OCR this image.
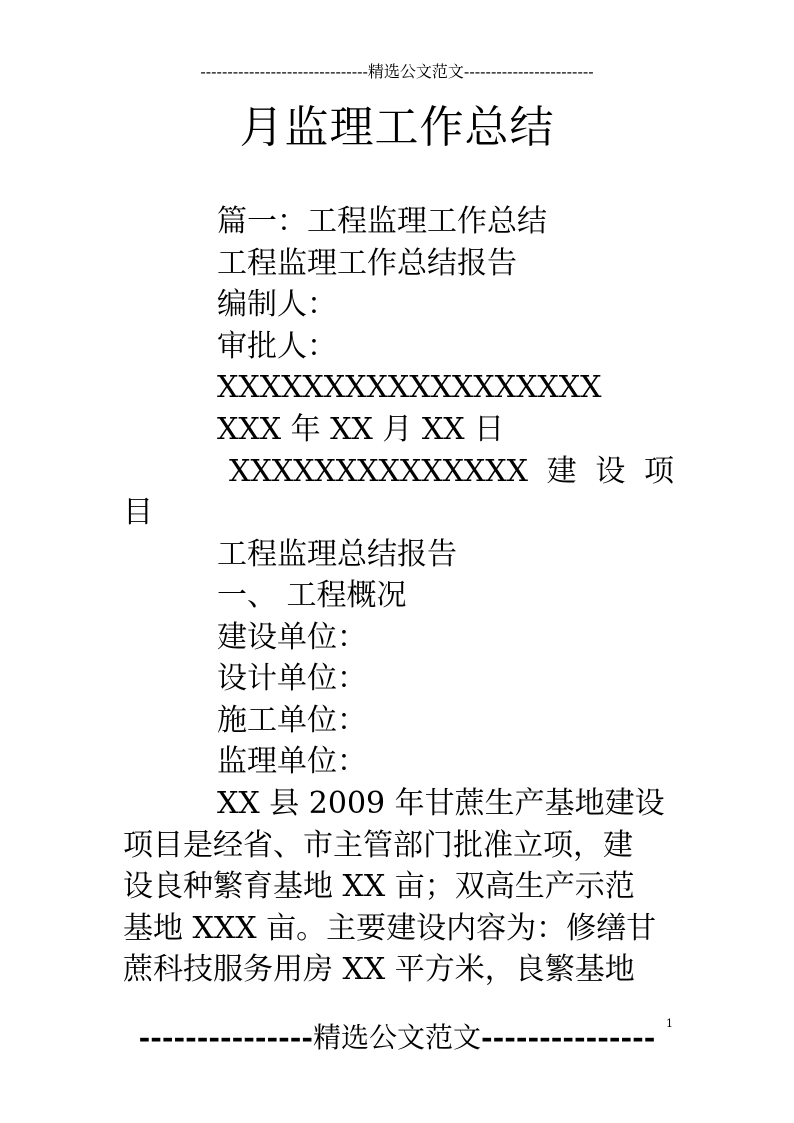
-------------------------------精选公文范文------------------------
月监理工作总结
篇一：工程监理工作总结
工程监理工作总结报告
编制人：
审批人：
XXXXXXXXXXXXXXXXXX
XXX 年 XX 月 XX 日
XXXXXXXXXXXXXX 建 设 项
目
工程监理总结报告
一、 工程概况
建设单位：
设计单位：
施工单位：
监理单位：
XX 县 2009 年甘蔗生产基地建设
项目是经省、市主管部门批准立项，建
设良种繁育基地 XX 亩；双高生产示范
基地 XXX 亩。主要建设内容为：修缮甘
蔗科技服务用房 XX 平方米，良繁基地
1
---------------精选公文范文---------------
